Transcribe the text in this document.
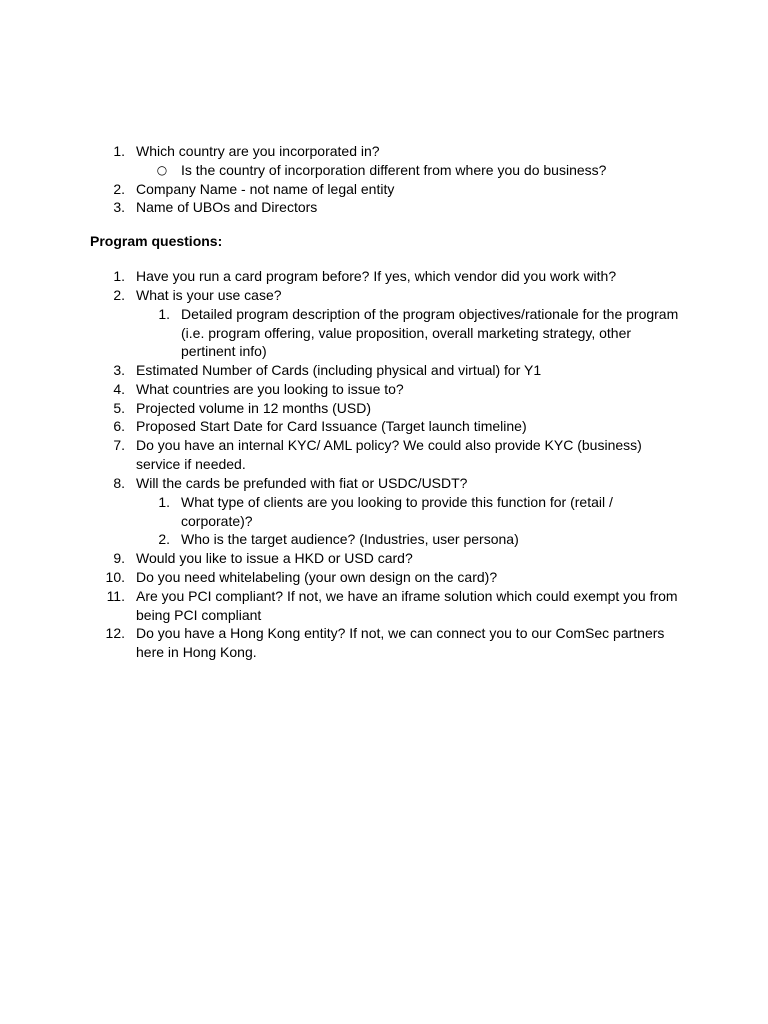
1. Which country are you incorporated in?
○ Is the country of incorporation different from where you do business?
2. Company Name - not name of legal entity
3. Name of UBOs and Directors
Program questions:
1. Have you run a card program before? If yes, which vendor did you work with?
2. What is your use case?
1. Detailed program description of the program objectives/rationale for the program
(i.e. program offering, value proposition, overall marketing strategy, other
pertinent info)
3. Estimated Number of Cards (including physical and virtual) for Y1
4. What countries are you looking to issue to?
5. Projected volume in 12 months (USD)
6. Proposed Start Date for Card Issuance (Target launch timeline)
7. Do you have an internal KYC/ AML policy? We could also provide KYC (business)
service if needed.
8. Will the cards be prefunded with fiat or USDC/USDT?
1. What type of clients are you looking to provide this function for (retail /
corporate)?
2. Who is the target audience? (Industries, user persona)
9. Would you like to issue a HKD or USD card?
10. Do you need whitelabeling (your own design on the card)?
11. Are you PCI compliant? If not, we have an iframe solution which could exempt you from
being PCI compliant
12. Do you have a Hong Kong entity? If not, we can connect you to our ComSec partners
here in Hong Kong.
